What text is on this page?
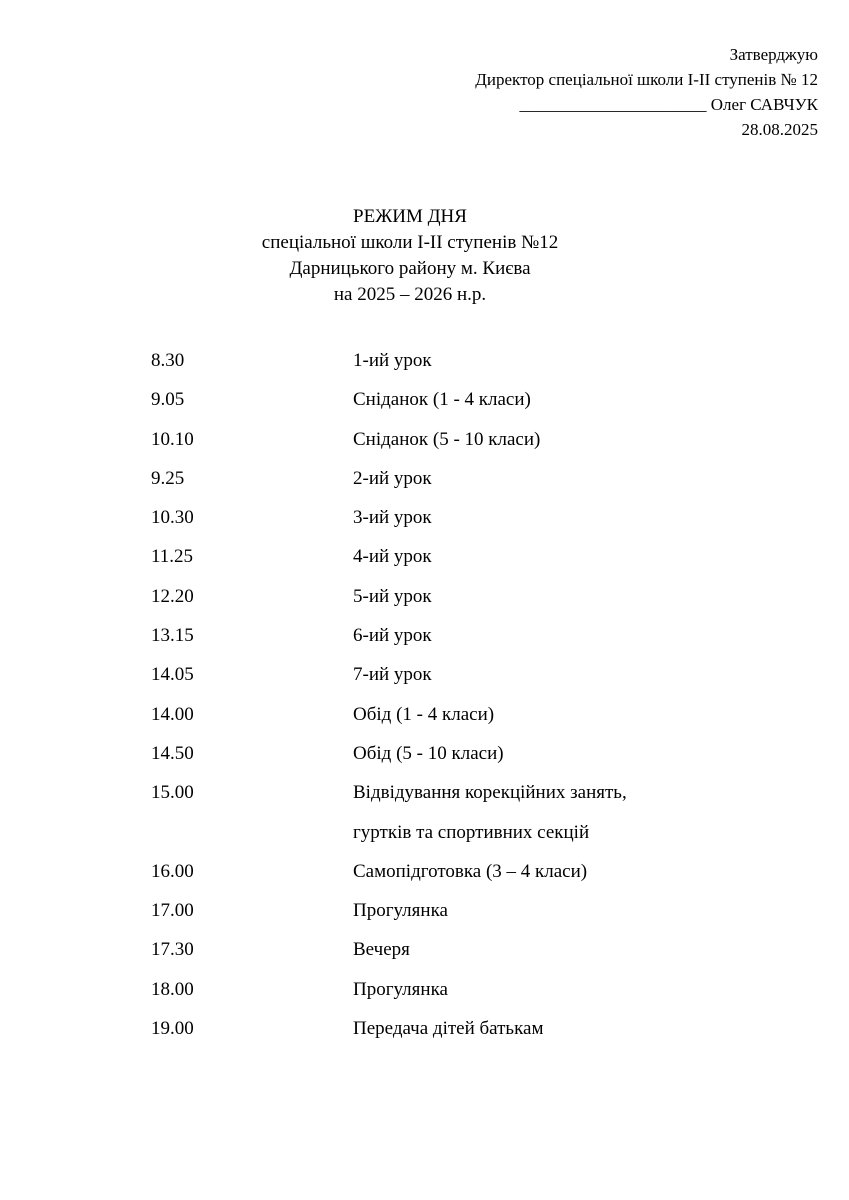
Затверджую
Директор спеціальної школи І-ІІ ступенів № 12
______________________ Олег САВЧУК
28.08.2025
РЕЖИМ ДНЯ
спеціальної школи І-ІІ ступенів №12
Дарницького району м. Києва
на 2025 – 2026 н.р.
8.30	1-ий урок
9.05	Сніданок (1 - 4 класи)
10.10	Сніданок (5 - 10 класи)
9.25	2-ий урок
10.30	3-ий урок
11.25	4-ий урок
12.20	5-ий урок
13.15	6-ий урок
14.05	7-ий урок
14.00	Обід (1 - 4 класи)
14.50	Обід (5 - 10 класи)
15.00	Відвідування корекційних занять,
гуртків та спортивних секцій
16.00	Самопідготовка (3 – 4 класи)
17.00	Прогулянка
17.30	Вечеря
18.00	Прогулянка
19.00	Передача дітей батькам
